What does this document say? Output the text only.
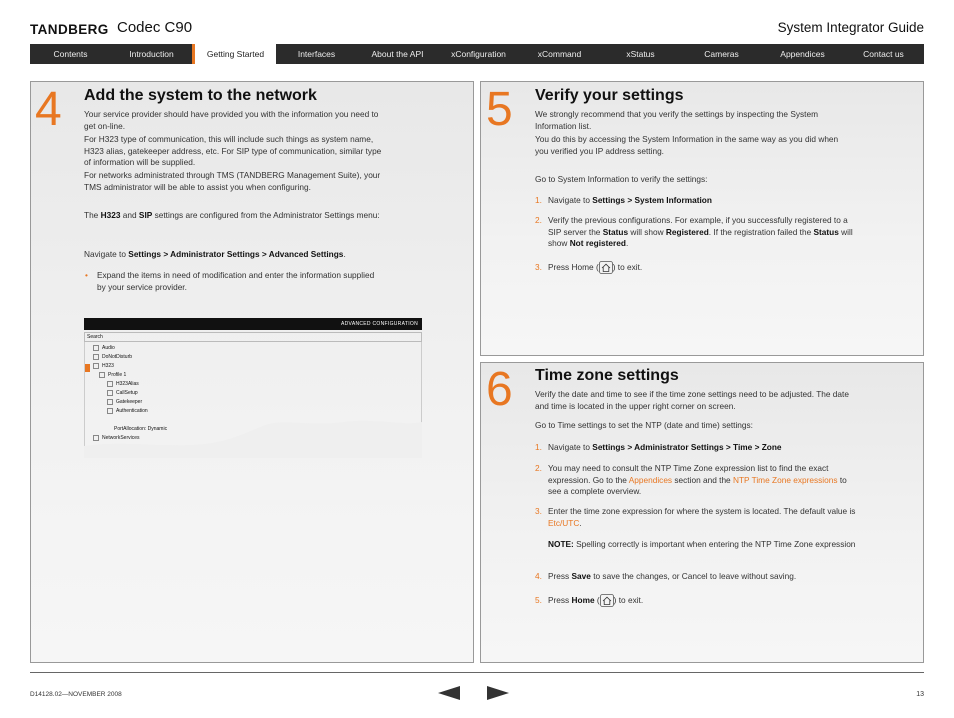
TANDBERG Codec C90	System Integrator Guide
Contents	Introduction	Getting Started	Interfaces	About the API	xConfiguration	xCommand	xStatus	Cameras	Appendices	Contact us
4 Add the system to the network
Your service provider should have provided you with the information you need to get on-line.
For H323 type of communication, this will include such things as system name, H323 alias, gatekeeper address, etc. For SIP type of communication, similar type of information will be supplied.
For networks administrated through TMS (TANDBERG Management Suite), your TMS administrator will be able to assist you when configuring.
The H323 and SIP settings are configured from the Administrator Settings menu:
Navigate to Settings > Administrator Settings > Advanced Settings.
• Expand the items in need of modification and enter the information supplied by your service provider.
ADVANCED CONFIGURATION
Search
Audio
DoNotDisturb
H323
Profile 1
H323Alias
CallSetup
Gatekeeper
Authentication
PortAllocation: Dynamic
NetworkServices
5 Verify your settings
We strongly recommend that you verify the settings by inspecting the System Information list.
You do this by accessing the System Information in the same way as you did when you verified you IP address setting.
Go to System Information to verify the settings:
1. Navigate to Settings > System Information
2. Verify the previous configurations. For example, if you successfully registered to a SIP server the Status will show Registered. If the registration failed the Status will show Not registered.
3. Press Home ( ) to exit.
6 Time zone settings
Verify the date and time to see if the time zone settings need to be adjusted. The date and time is located in the upper right corner on screen.
Go to Time settings to set the NTP (date and time) settings:
1. Navigate to Settings > Administrator Settings > Time > Zone
2. You may need to consult the NTP Time Zone expression list to find the exact expression. Go to the Appendices section and the NTP Time Zone expressions to see a complete overview.
3. Enter the time zone expression for where the system is located. The default value is Etc/UTC.
NOTE: Spelling correctly is important when entering the NTP Time Zone expression
4. Press Save to save the changes, or Cancel to leave without saving.
5. Press Home ( ) to exit.
D14128.02—NOVEMBER 2008	13
